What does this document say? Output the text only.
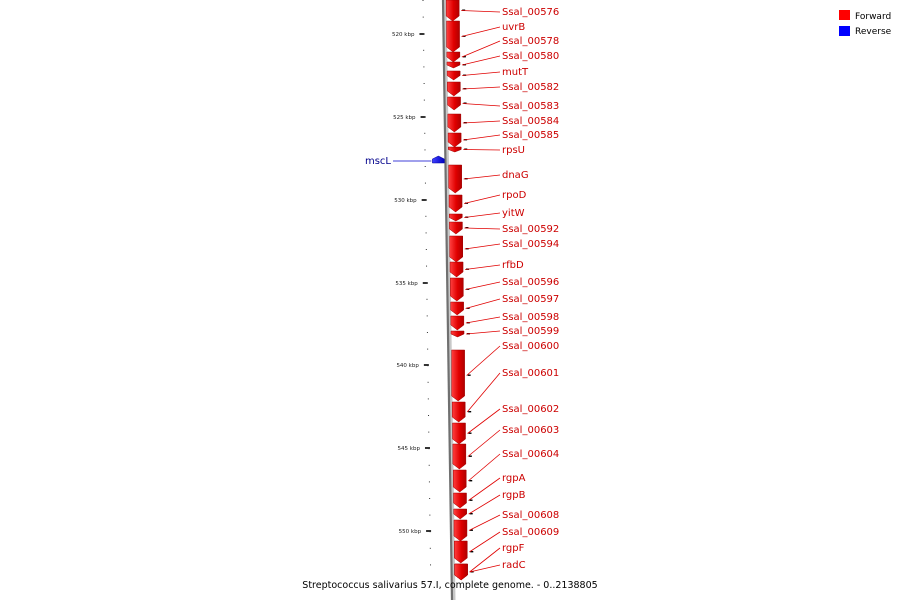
520 kbp
525 kbp
530 kbp
535 kbp
540 kbp
545 kbp
550 kbp
Ssal_00576
uvrB
Ssal_00578
Ssal_00580
mutT
Ssal_00582
Ssal_00583
Ssal_00584
Ssal_00585
rpsU
mscL
dnaG
rpoD
yitW
Ssal_00592
Ssal_00594
rfbD
Ssal_00596
Ssal_00597
Ssal_00598
Ssal_00599
Ssal_00600
Ssal_00601
Ssal_00602
Ssal_00603
Ssal_00604
rgpA
rgpB
Ssal_00608
Ssal_00609
rgpF
radC
Forward
Reverse
Streptococcus salivarius 57.I, complete genome. - 0..2138805
